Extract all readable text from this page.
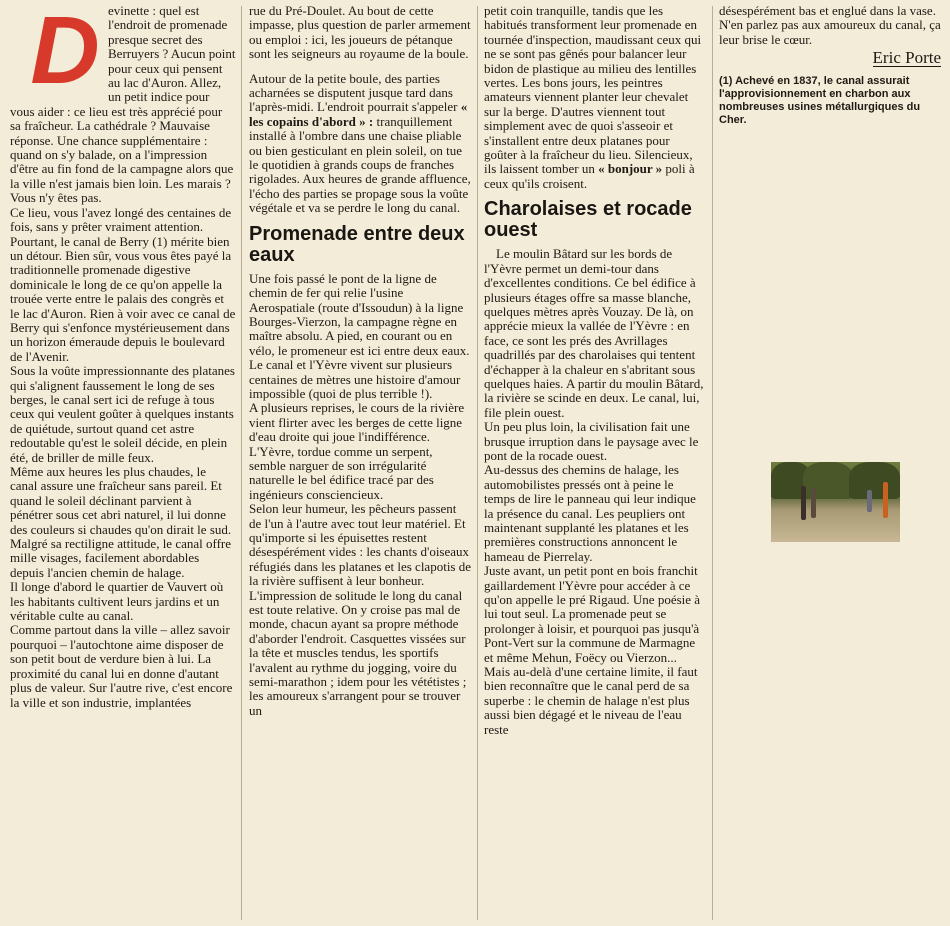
D evinette : quel est l'endroit de promenade presque secret des Berruyers ? Aucun point pour ceux qui pensent au lac d'Auron. Allez, un petit indice pour vous aider : ce lieu est très apprécié pour sa fraîcheur. La cathédrale ? Mauvaise réponse. Une chance supplémentaire : quand on s'y balade, on a l'impression d'être au fin fond de la campagne alors que la ville n'est jamais bien loin. Les marais ? Vous n'y êtes pas.

Ce lieu, vous l'avez longé des centaines de fois, sans y prêter vraiment attention. Pourtant, le canal de Berry (1) mérite bien un détour. Bien sûr, vous vous êtes payé la traditionnelle promenade digestive dominicale le long de ce qu'on appelle la trouée verte entre le palais des congrès et le lac d'Auron. Rien à voir avec ce canal de Berry qui s'enfonce mystérieusement dans un horizon émeraude depuis le boulevard de l'Avenir.

Sous la voûte impressionnante des platanes qui s'alignent faussement le long de ses berges, le canal sert ici de refuge à tous ceux qui veulent goûter à quelques instants de quiétude, surtout quand cet astre redoutable qu'est le soleil décide, en plein été, de briller de mille feux.

Même aux heures les plus chaudes, le canal assure une fraîcheur sans pareil. Et quand le soleil déclinant parvient à pénétrer sous cet abri naturel, il lui donne des couleurs si chaudes qu'on dirait le sud.

Malgré sa rectiligne attitude, le canal offre mille visages, facilement abordables depuis l'ancien chemin de halage.

Il longe d'abord le quartier de Vauvert où les habitants cultivent leurs jardins et un véritable culte au canal.

Comme partout dans la ville – allez savoir pourquoi – l'autochtone aime disposer de son petit bout de verdure bien à lui. La proximité du canal lui en donne d'autant plus de valeur. Sur l'autre rive, c'est encore la ville et son industrie, implantées

rue du Pré-Doulet. Au bout de cette impasse, plus question de parler armement ou emploi : ici, les joueurs de pétanque sont les seigneurs au royaume de la boule.

Autour de la petite boule, des parties acharnées se disputent jusque tard dans l'après-midi. L'endroit pourrait s'appeler « les copains d'abord » : tranquillement installé à l'ombre dans une chaise pliable ou bien gesticulant en plein soleil, on tue le quotidien à grands coups de franches rigolades. Aux heures de grande affluence, l'écho des parties se propage sous la voûte végétale et va se perdre le long du canal.

Promenade entre deux eaux

Une fois passé le pont de la ligne de chemin de fer qui relie l'usine Aerospatiale (route d'Issoudun) à la ligne Bourges-Vierzon, la campagne règne en maître absolu. A pied, en courant ou en vélo, le promeneur est ici entre deux eaux. Le canal et l'Yèvre vivent sur plusieurs centaines de mètres une histoire d'amour impossible (quoi de plus terrible !).

A plusieurs reprises, le cours de la rivière vient flirter avec les berges de cette ligne d'eau droite qui joue l'indifférence. L'Yèvre, tordue comme un serpent, semble narguer de son irrégularité naturelle le bel édifice tracé par des ingénieurs consciencieux.

Selon leur humeur, les pêcheurs passent de l'un à l'autre avec tout leur matériel. Et qu'importe si les épuisettes restent désespérément vides : les chants d'oiseaux réfugiés dans les platanes et les clapotis de la rivière suffisent à leur bonheur.

L'impression de solitude le long du canal est toute relative. On y croise pas mal de monde, chacun ayant sa propre méthode d'aborder l'endroit. Casquettes vissées sur la tête et muscles tendus, les sportifs l'avalent au rythme du jogging, voire du semi-marathon ; idem pour les vététistes ; les amoureux s'arrangent pour se trouver un

petit coin tranquille, tandis que les habitués transforment leur promenade en tournée d'inspection, maudissant ceux qui ne se sont pas gênés pour balancer leur bidon de plastique au milieu des lentilles vertes. Les bons jours, les peintres amateurs viennent planter leur chevalet sur la berge. D'autres viennent tout simplement avec de quoi s'asseoir et s'installent entre deux platanes pour goûter à la fraîcheur du lieu. Silencieux, ils laissent tomber un « bonjour » poli à ceux qu'ils croisent.

Charolaises et rocade ouest

Le moulin Bâtard sur les bords de l'Yèvre permet un demi-tour dans d'excellentes conditions. Ce bel édifice à plusieurs étages offre sa masse blanche, quelques mètres après Vouzay. De là, on apprécie mieux la vallée de l'Yèvre : en face, ce sont les prés des Avrillages quadrillés par des charolaises qui tentent d'échapper à la chaleur en s'abritant sous quelques haies. A partir du moulin Bâtard, la rivière se scinde en deux. Le canal, lui, file plein ouest.

Un peu plus loin, la civilisation fait une brusque irruption dans le paysage avec le pont de la rocade ouest.

Au-dessus des chemins de halage, les automobilistes pressés ont à peine le temps de lire le panneau qui leur indique la présence du canal. Les peupliers ont maintenant supplanté les platanes et les premières constructions annoncent le hameau de Pierrelay.

Juste avant, un petit pont en bois franchit gaillardement l'Yèvre pour accéder à ce qu'on appelle le pré Rigaud. Une poésie à lui tout seul. La promenade peut se prolonger à loisir, et pourquoi pas jusqu'à Pont-Vert sur la commune de Marmagne et même Mehun, Foëcy ou Vierzon... Mais au-delà d'une certaine limite, il faut bien reconnaître que le canal perd de sa superbe : le chemin de halage n'est plus aussi bien dégagé et le niveau de l'eau reste

désespérément bas et englué dans la vase. N'en parlez pas aux amoureux du canal, ça leur brise le cœur.

Eric Porte

(1) Achevé en 1837, le canal assurait l'approvisionnement en charbon aux nombreuses usines métallurgiques du Cher.
